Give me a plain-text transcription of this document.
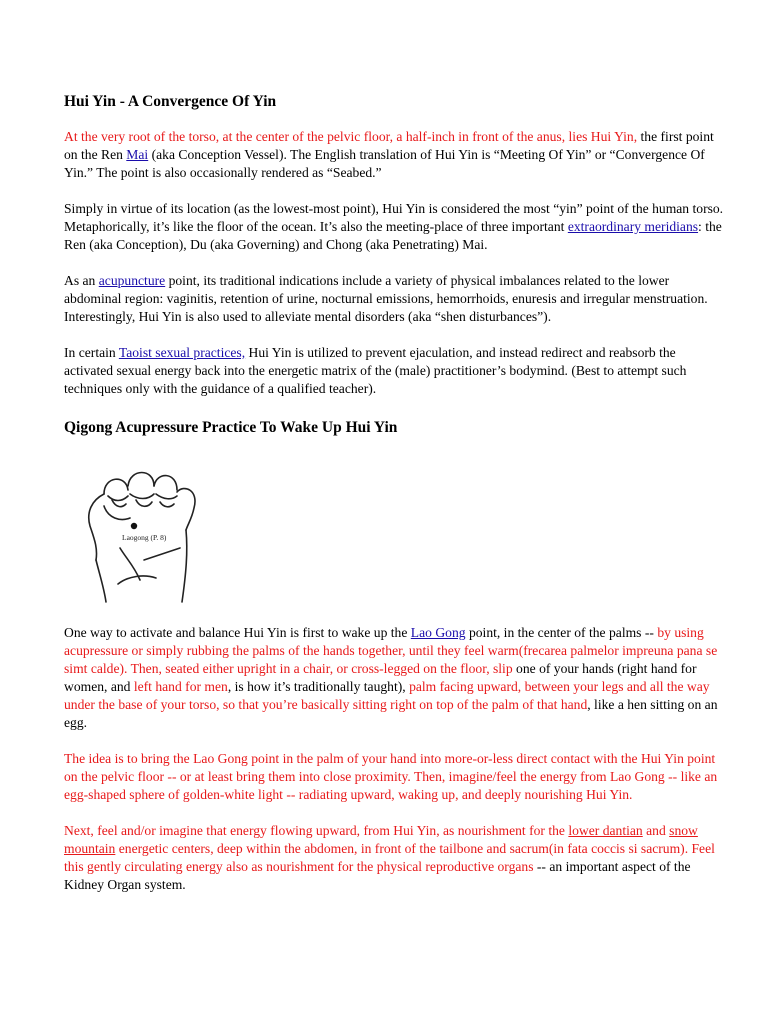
Hui Yin - A Convergence Of Yin

At the very root of the torso, at the center of the pelvic floor, a half-inch in front of the anus, lies Hui Yin, the first point on the Ren Mai (aka Conception Vessel). The English translation of Hui Yin is “Meeting Of Yin” or “Convergence Of Yin.” The point is also occasionally rendered as “Seabed.”

Simply in virtue of its location (as the lowest-most point), Hui Yin is considered the most “yin” point of the human torso. Metaphorically, it’s like the floor of the ocean. It’s also the meeting-place of three important extraordinary meridians: the Ren (aka Conception), Du (aka Governing) and Chong (aka Penetrating) Mai.

As an acupuncture point, its traditional indications include a variety of physical imbalances related to the lower abdominal region: vaginitis, retention of urine, nocturnal emissions, hemorrhoids, enuresis and irregular menstruation. Interestingly, Hui Yin is also used to alleviate mental disorders (aka “shen disturbances”).

In certain Taoist sexual practices, Hui Yin is utilized to prevent ejaculation, and instead redirect and reabsorb the activated sexual energy back into the energetic matrix of the (male) practitioner’s bodymind. (Best to attempt such techniques only with the guidance of a qualified teacher).

Qigong Acupressure Practice To Wake Up Hui Yin
Laogong (P. 8)

One way to activate and balance Hui Yin is first to wake up the Lao Gong point, in the center of the palms -- by using acupressure or simply rubbing the palms of the hands together, until they feel warm(frecarea palmelor impreuna pana se simt calde). Then, seated either upright in a chair, or cross-legged on the floor, slip one of your hands (right hand for women, and left hand for men, is how it’s traditionally taught), palm facing upward, between your legs and all the way under the base of your torso, so that you’re basically sitting right on top of the palm of that hand, like a hen sitting on an egg.

The idea is to bring the Lao Gong point in the palm of your hand into more-or-less direct contact with the Hui Yin point on the pelvic floor -- or at least bring them into close proximity. Then, imagine/feel the energy from Lao Gong -- like an egg-shaped sphere of golden-white light -- radiating upward, waking up, and deeply nourishing Hui Yin.

Next, feel and/or imagine that energy flowing upward, from Hui Yin, as nourishment for the lower dantian and snow mountain energetic centers, deep within the abdomen, in front of the tailbone and sacrum(in fata coccis si sacrum). Feel this gently circulating energy also as nourishment for the physical reproductive organs -- an important aspect of the Kidney Organ system.
